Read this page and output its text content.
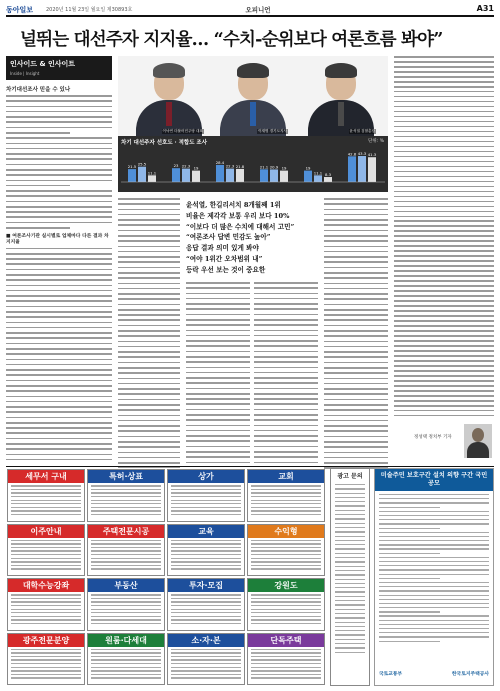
동아일보	2020년 11월 23일 월요일 제30893호	오피니언	A31
널뛰는 대선주자 지지율… “수치-순위보다 여론흐름 봐야”
인사이드 & 인사이트
Inside | Insight
차기대선조사 믿을 수 있나
■ 여론조사기관 실시별로 업체마다 다른 결과 차 지지율
이낙연 더불어민주당 대표	이재명 경기도지사	윤석열 검찰총장
차기 대선주자 선호도 · 적합도 조사	단위: %
21.5 25.5
11.1
23 22.3 19
28.4
22.3 21.8	21.1 20.9 19	19
11.1 8.3
42.8 43.3 41.3
윤석열, 한길리서치 8개월째 1위
비율은 제각각 보통 우리 보다 10%
“이보다 더 많은 수치에 대해서 고민”
“여론조사 답변 민감도 높아”
응답 결과 의미 있게 봐야
“여야 1위간 오차범위 내”
등락 우선 보는 것이 중요한
정성택 정치부 기자
세무서 구내	특허·상표	상가	교회
이주안내	주택전문시공	교육	수익형
대학수능강좌	부동산	투자·모집	강원도
광주전문분양	원룸·다세대	소·자·본	단독주택
광고 문의	미술주민 보호구간 설치 의향 구간 국민 공모
국토교통부	한국토지주택공사
